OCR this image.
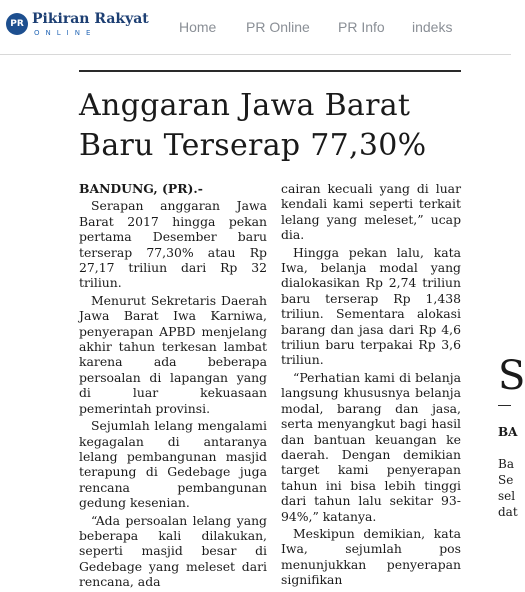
PR Pikiran Rakyat
ONLINE	Home PR Online PR Info indeks
Anggaran Jawa Barat
Baru Terserap 77,30%

BANDUNG, (PR).-

Serapan anggaran Jawa Barat 2017 hingga pekan pertama Desember baru terserap 77,30% atau Rp 27,17 triliun dari Rp 32 triliun.

Menurut Sekretaris Daerah Jawa Barat Iwa Karniwa, penyerapan APBD menjelang akhir tahun terkesan lambat karena ada beberapa persoalan di lapangan yang di luar kekuasaan pemerintah provinsi.

Sejumlah lelang mengalami kegagalan di antaranya lelang pembangunan masjid terapung di Gedebage juga rencana pembangunan gedung kesenian.

“Ada persoalan lelang yang beberapa kali dilakukan, seperti masjid besar di Gedebage yang meleset dari rencana, ada

cairan kecuali yang di luar kendali kami seperti terkait lelang yang meleset,” ucap dia.

Hingga pekan lalu, kata Iwa, belanja modal yang dialokasikan Rp 2,74 triliun baru terserap Rp 1,438 triliun. Sementara alokasi barang dan jasa dari Rp 4,6 triliun baru terpakai Rp 3,6 triliun.

“Perhatian kami di belanja langsung khususnya belanja modal, barang dan jasa, serta menyangkut bagi hasil dan bantuan keuangan ke daerah. Dengan demikian target kami penyerapan tahun ini bisa lebih tinggi dari tahun lalu sekitar 93-94%,” katanya.

Meskipun demikian, kata Iwa, sejumlah pos menunjukkan penyerapan signifikan

S
BA
Ba
Se
sel
dat
